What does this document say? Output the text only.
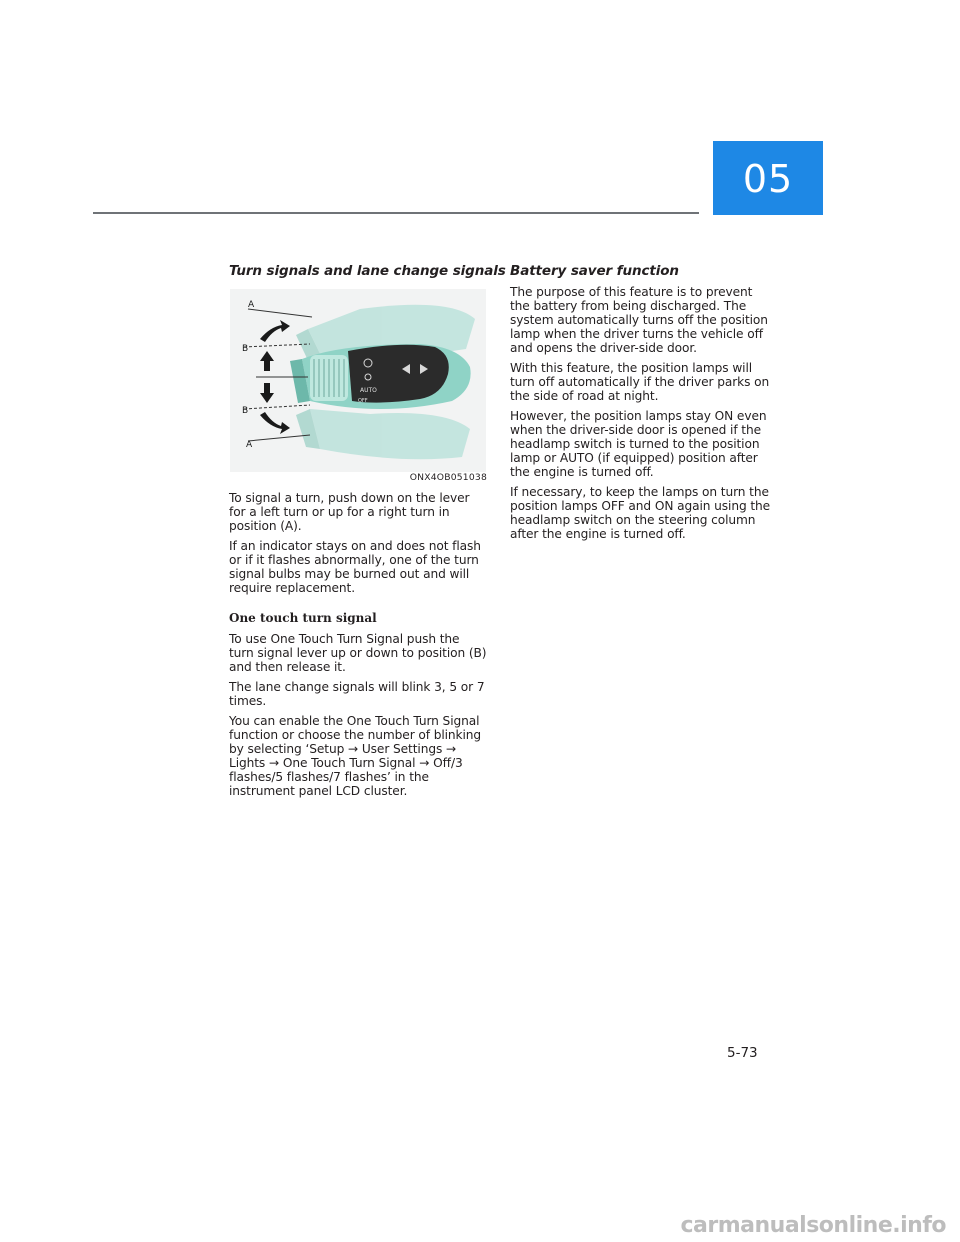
05
Turn signals and lane change signals
AUTO
OFF
A
B
B
A
ONX4OB051038

To signal a turn, push down on the lever for a left turn or up for a right turn in position (A).

If an indicator stays on and does not flash or if it flashes abnormally, one of the turn signal bulbs may be burned out and will require replacement.

One touch turn signal

To use One Touch Turn Signal push the turn signal lever up or down to position (B) and then release it.

The lane change signals will blink 3, 5 or 7 times.

You can enable the One Touch Turn Signal function or choose the number of blinking by selecting ‘Setup → User Settings → Lights → One Touch Turn Signal → Off/3 flashes/5 flashes/7 flashes’ in the instrument panel LCD cluster.

Battery saver function

The purpose of this feature is to prevent the battery from being discharged. The system automatically turns off the position lamp when the driver turns the vehicle off and opens the driver-side door.

With this feature, the position lamps will turn off automatically if the driver parks on the side of road at night.

However, the position lamps stay ON even when the driver-side door is opened if the headlamp switch is turned to the position lamp or AUTO (if equipped) position after the engine is turned off.

If necessary, to keep the lamps on turn the position lamps OFF and ON again using the headlamp switch on the steering column after the engine is turned off.

5-73
carmanualsonline.info
